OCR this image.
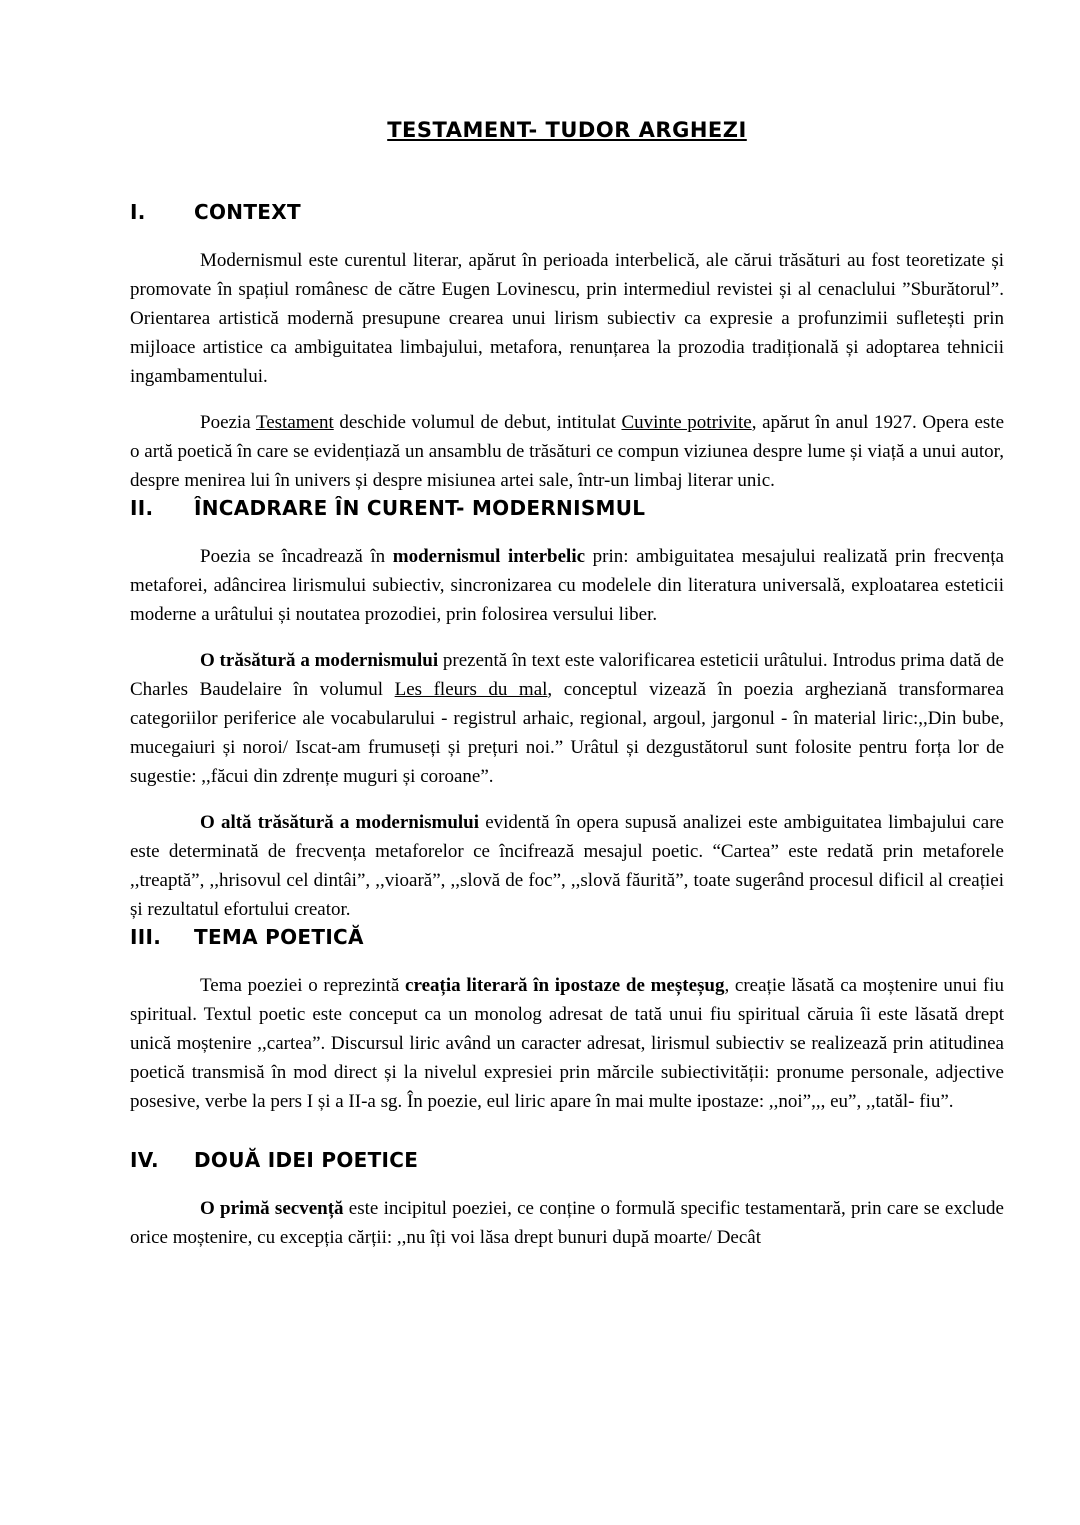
TESTAMENT- TUDOR ARGHEZI
I.	CONTEXT

Modernismul este curentul literar, apărut în perioada interbelică, ale cărui trăsături au fost teoretizate și promovate în spațiul românesc de către Eugen Lovinescu, prin intermediul revistei și al cenaclului ”Sburătorul”. Orientarea artistică modernă presupune crearea unui lirism subiectiv ca expresie a profunzimii sufletești prin mijloace artistice ca ambiguitatea limbajului, metafora, renunțarea la prozodia tradițională și adoptarea tehnicii ingambamentului.

Poezia Testament deschide volumul de debut, intitulat Cuvinte potrivite, apărut în anul 1927. Opera este o artă poetică în care se evidențiază un ansamblu de trăsături ce compun viziunea despre lume și viață a unui autor, despre menirea lui în univers și despre misiunea artei sale, într-un limbaj literar unic.

II.	ÎNCADRARE ÎN CURENT- MODERNISMUL

Poezia se încadrează în modernismul interbelic prin: ambiguitatea mesajului realizată prin frecvența metaforei, adâncirea lirismului subiectiv, sincronizarea cu modelele din literatura universală, exploatarea esteticii moderne a urâtului și noutatea prozodiei, prin folosirea versului liber.

O trăsătură a modernismului prezentă în text este valorificarea esteticii urâtului. Introdus prima dată de Charles Baudelaire în volumul Les fleurs du mal, conceptul vizează în poezia argheziană transformarea categoriilor periferice ale vocabularului - registrul arhaic, regional, argoul, jargonul - în material liric:,,Din bube, mucegaiuri și noroi/ Iscat-am frumuseți și prețuri noi.” Urâtul și dezgustătorul sunt folosite pentru forța lor de sugestie: ,,făcui din zdrențe muguri și coroane”.

O altă trăsătură a modernismului evidentă în opera supusă analizei este ambiguitatea limbajului care este determinată de frecvența metaforelor ce încifrează mesajul poetic. “Cartea” este redată prin metaforele ,,treaptă”, ,,hrisovul cel dintâi”, ,,vioară”, ,,slovă de foc”, ,,slovă făurită”, toate sugerând procesul dificil al creației și rezultatul efortului creator.

III.	TEMA POETICĂ

Tema poeziei o reprezintă creația literară în ipostaze de meșteșug, creație lăsată ca moștenire unui fiu spiritual. Textul poetic este conceput ca un monolog adresat de tată unui fiu spiritual căruia îi este lăsată drept unică moștenire ,,cartea”. Discursul liric având un caracter adresat, lirismul subiectiv se realizează prin atitudinea poetică transmisă în mod direct și la nivelul expresiei prin mărcile subiectivității: pronume personale, adjective posesive, verbe la pers I și a II-a sg. În poezie, eul liric apare în mai multe ipostaze: ,,noi”,,, eu”, ,,tatăl- fiu”.

IV.	DOUĂ IDEI POETICE

O primă secvență este incipitul poeziei, ce conține o formulă specific testamentară, prin care se exclude orice moștenire, cu excepția cărții: ,,nu îți voi lăsa drept bunuri după moarte/ Decât
